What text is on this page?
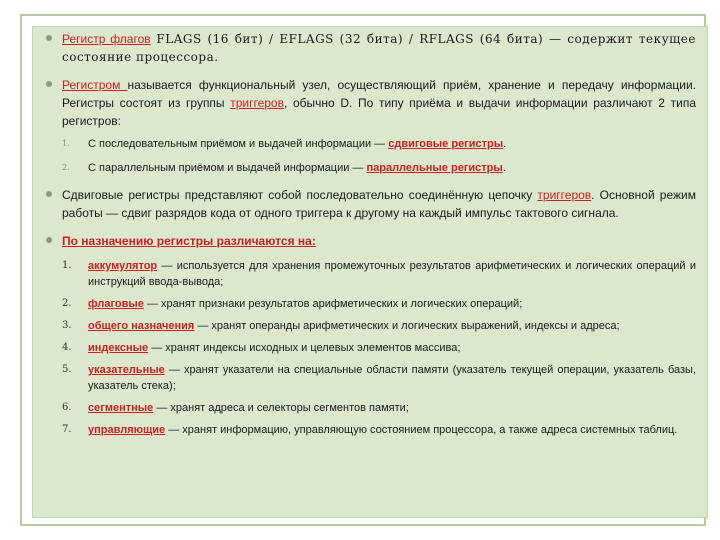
Регистр флагов FLAGS (16 бит) / EFLAGS (32 бита) / RFLAGS (64 бита) — содержит текущее состояние процессора.
Регистром называется функциональный узел, осуществляющий приём, хранение и передачу информации. Регистры состоят из группы триггеров, обычно D. По типу приёма и выдачи информации различают 2 типа регистров:
1.	С последовательным приёмом и выдачей информации — сдвиговые регистры.
2.	С параллельным приёмом и выдачей информации — параллельные регистры.
Сдвиговые регистры представляют собой последовательно соединённую цепочку триггеров. Основной режим работы — сдвиг разрядов кода от одного триггера к другому на каждый импульс тактового сигнала.
По назначению регистры различаются на:
1.	аккумулятор — используется для хранения промежуточных результатов арифметических и логических операций и инструкций ввода-вывода;
2.	флаговые — хранят признаки результатов арифметических и логических операций;
3.	общего назначения — хранят операнды арифметических и логических выражений, индексы и адреса;
4.	индексные — хранят индексы исходных и целевых элементов массива;
5.	указательные — хранят указатели на специальные области памяти (указатель текущей операции, указатель базы, указатель стека);
6.	сегментные — хранят адреса и селекторы сегментов памяти;
7.	управляющие — хранят информацию, управляющую состоянием процессора, а также адреса системных таблиц.
